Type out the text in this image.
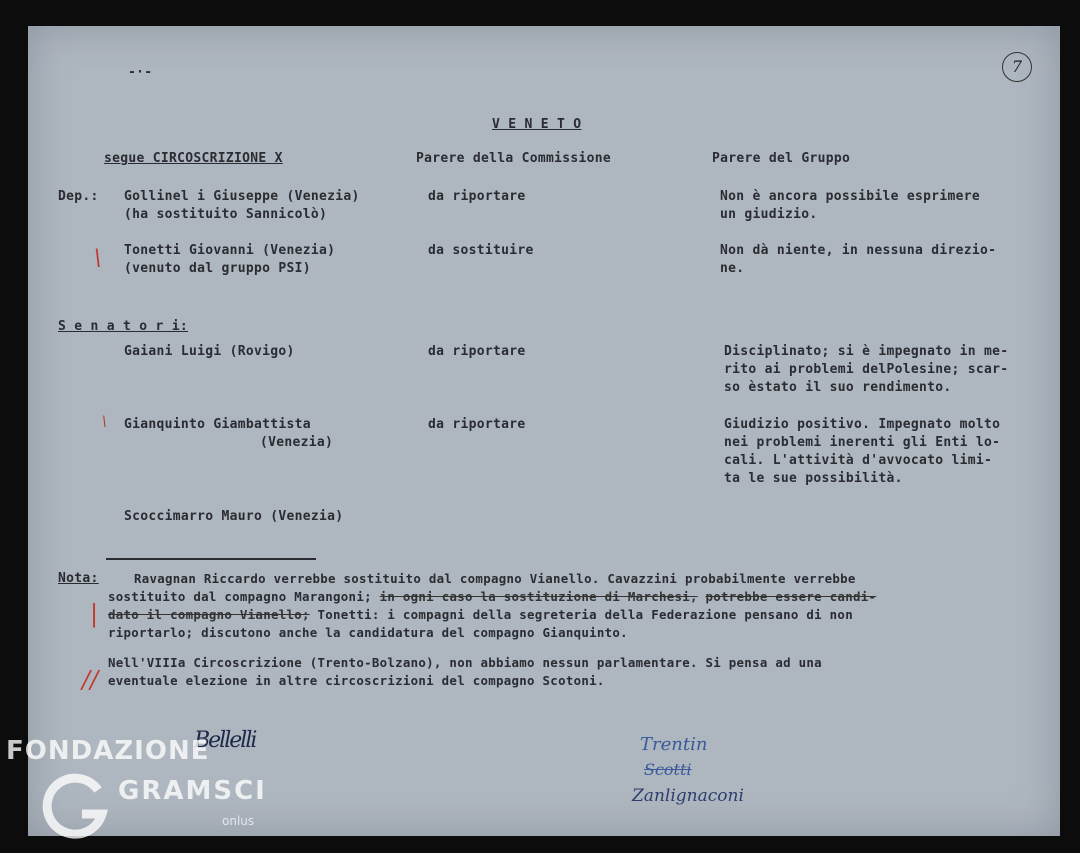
7
-·-
V E N E T O
segue CIRCOSCRIZIONE X	Parere della Commissione	Parere del Gruppo
Dep.: Gollinel i Giuseppe (Venezia)
(ha sostituito Sannicolò)
da riportare	Non è ancora possibile esprimere
un giudizio.
\ Tonetti Giovanni (Venezia)
(venuto dal gruppo PSI)
da sostituire	Non dà niente, in nessuna direzio-
ne.
S e n a t o r i:
Gaiani Luigi (Rovigo)	da riportare	Disciplinato; si è impegnato in me-
rito ai problemi delPolesine; scar-
so èstato il suo rendimento.
\ Gianquinto Giambattista
(Venezia)
da riportare	Giudizio positivo. Impegnato molto
nei problemi inerenti gli Enti lo-
cali. L'attività d'avvocato limi-
ta le sue possibilità.
Scoccimarro Mauro (Venezia)
Nota:	Ravagnan Riccardo verrebbe sostituito dal compagno Vianello. Cavazzini probabilmente verrebbe
sostituito dal compagno Marangoni; in ogni caso la sostituzione di Marchesi, potrebbe essere candi-
| dato il compagno Vianello; Tonetti: i compagni della segreteria della Federazione pensano di non
riportarlo; discutono anche la candidatura del compagno Gianquinto.
//
Nell'VIIIa Circoscrizione (Trento-Bolzano), non abbiamo nessun parlamentare. Si pensa ad una
eventuale elezione in altre circoscrizioni del compagno Scotoni.
Bellelli	Trentin
Scotti
Zanlignaconi
FONDAZIONE
GRAMSCI
onlus
